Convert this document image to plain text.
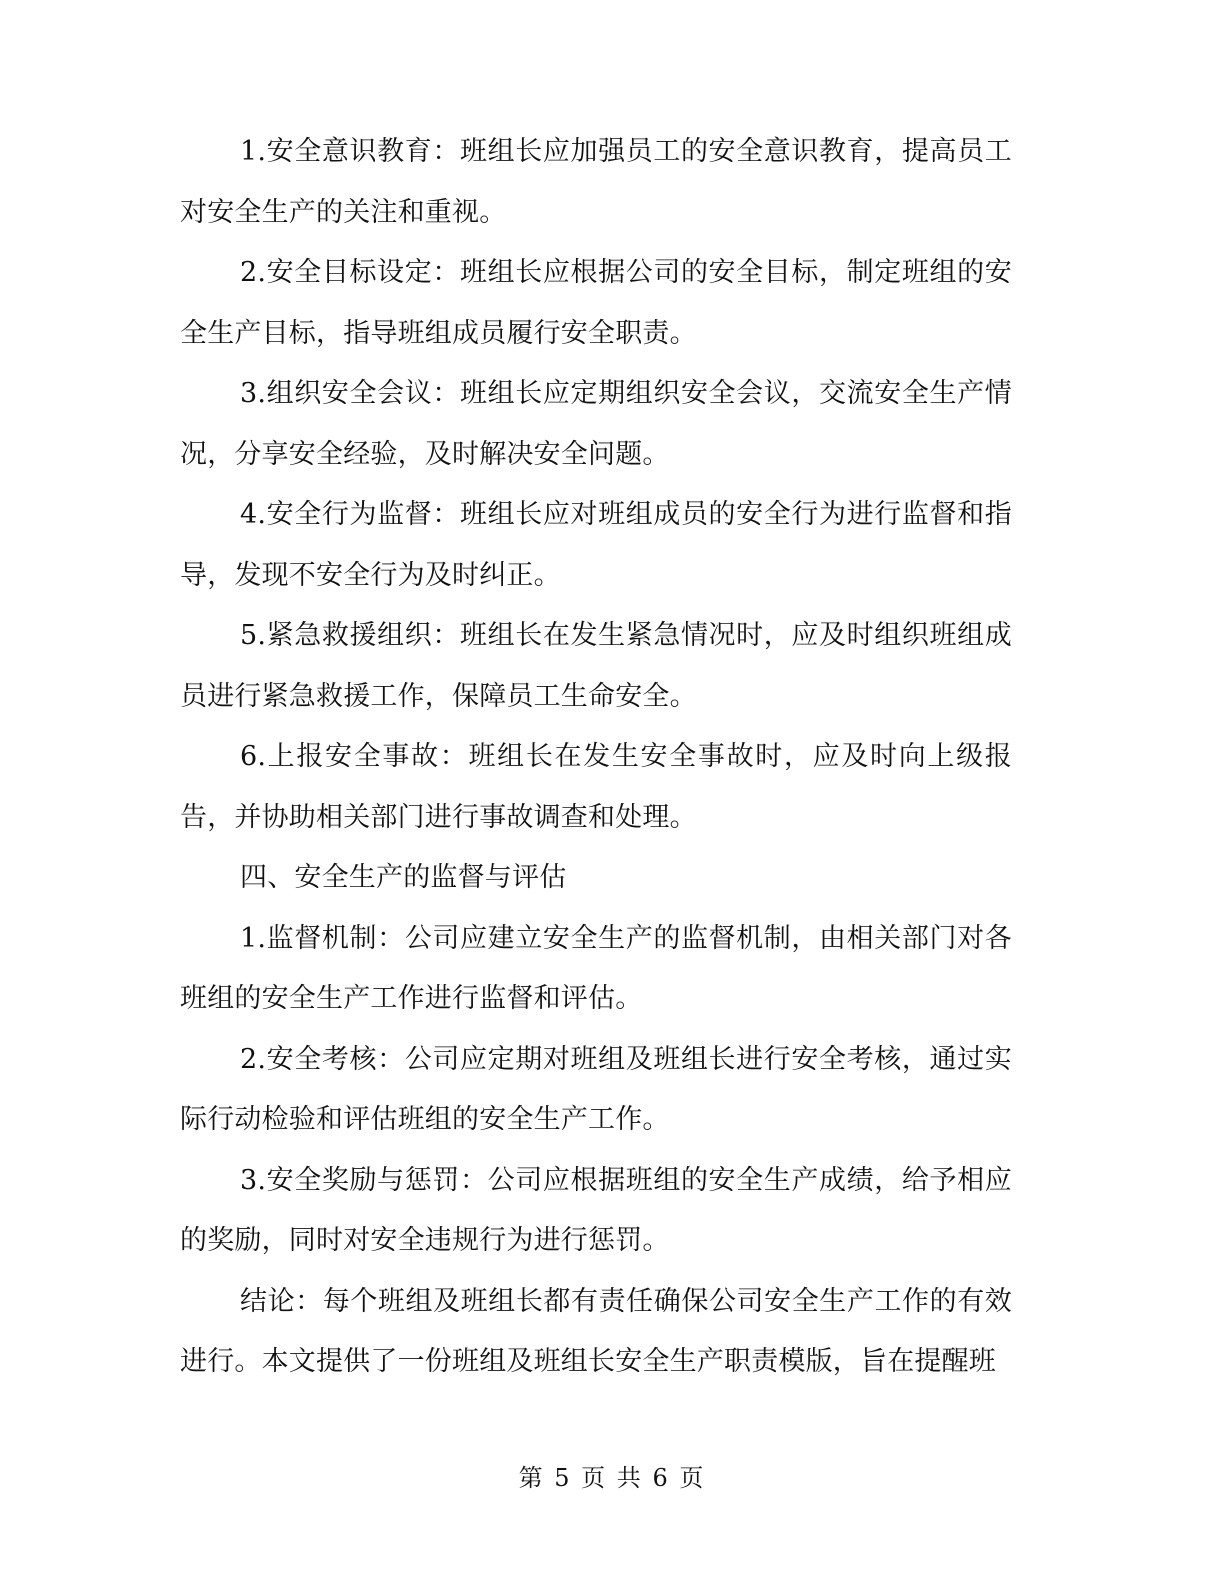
1.安全意识教育：班组长应加强员工的安全意识教育，提高员工对安全生产的关注和重视。

2.安全目标设定：班组长应根据公司的安全目标，制定班组的安全生产目标，指导班组成员履行安全职责。

3.组织安全会议：班组长应定期组织安全会议，交流安全生产情况，分享安全经验，及时解决安全问题。

4.安全行为监督：班组长应对班组成员的安全行为进行监督和指导，发现不安全行为及时纠正。

5.紧急救援组织：班组长在发生紧急情况时，应及时组织班组成员进行紧急救援工作，保障员工生命安全。

6.上报安全事故：班组长在发生安全事故时，应及时向上级报告，并协助相关部门进行事故调查和处理。

四、安全生产的监督与评估

1.监督机制：公司应建立安全生产的监督机制，由相关部门对各班组的安全生产工作进行监督和评估。

2.安全考核：公司应定期对班组及班组长进行安全考核，通过实际行动检验和评估班组的安全生产工作。

3.安全奖励与惩罚：公司应根据班组的安全生产成绩，给予相应的奖励，同时对安全违规行为进行惩罚。

结论：每个班组及班组长都有责任确保公司安全生产工作的有效进行。本文提供了一份班组及班组长安全生产职责模版，旨在提醒班

第 5 页 共 6 页
